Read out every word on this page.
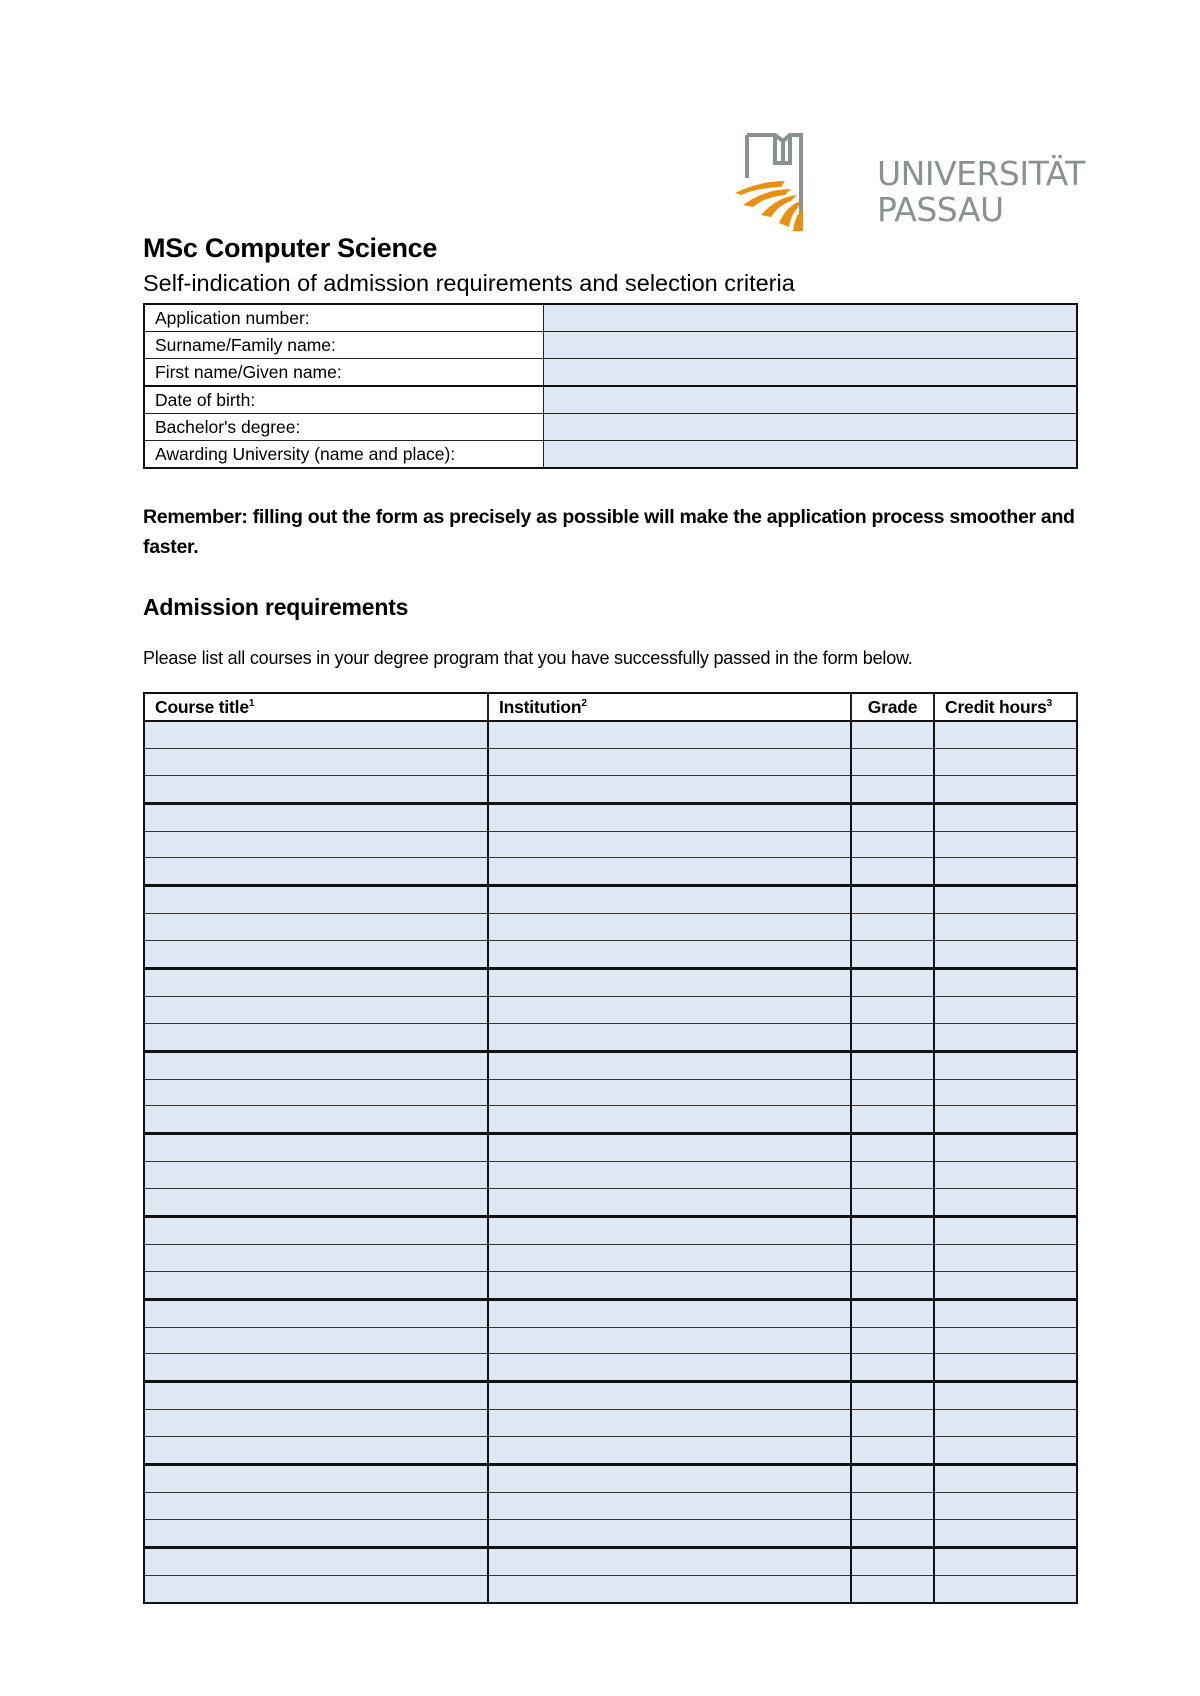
UNIVERSITÄT
PASSAU
MSc Computer Science
Self-indication of admission requirements and selection criteria
Application number:	
Surname/Family name:	
First name/Given name:	
Date of birth:	
Bachelor's degree:	
Awarding University (name and place):	
Remember: filling out the form as precisely as possible will make the application process smoother and faster.
Admission requirements
Please list all courses in your degree program that you have successfully passed in the form below.
Course title$^1$	Institution$^2$	Grade	Credit hours$^3$
